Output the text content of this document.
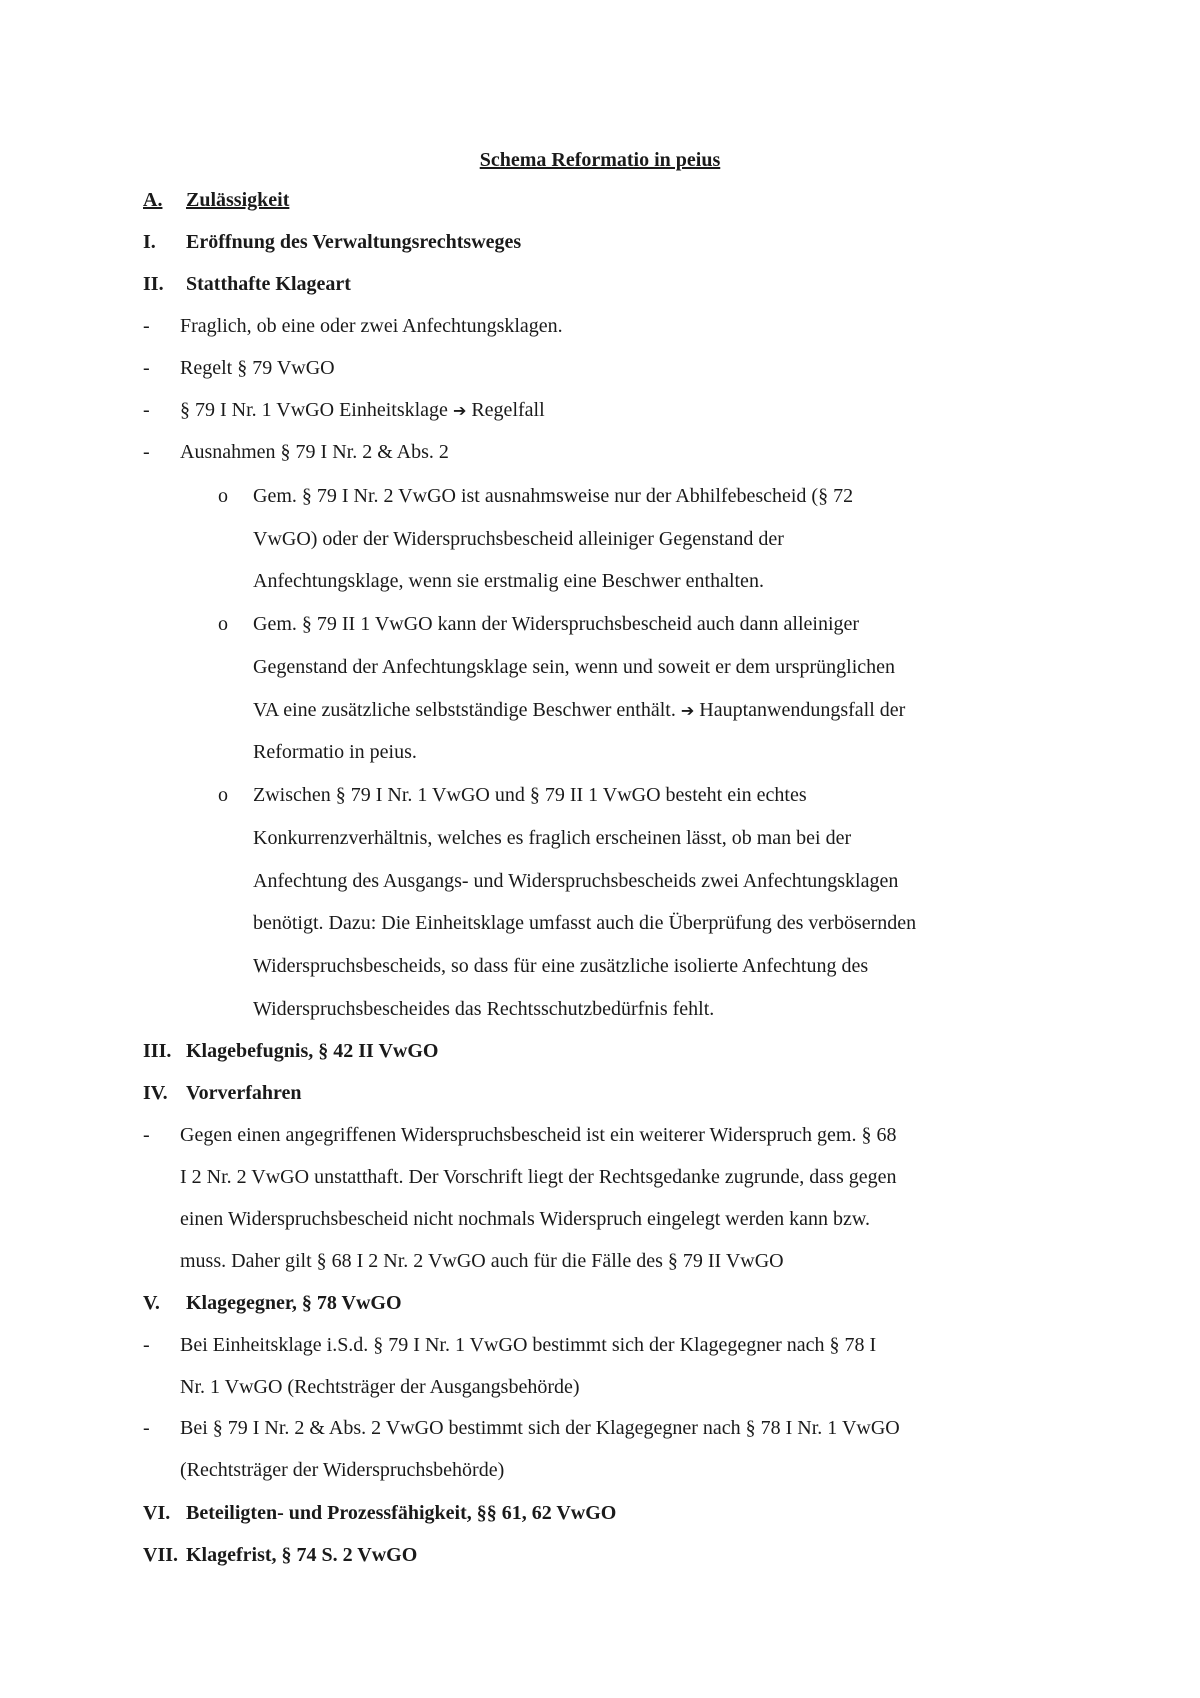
Schema Reformatio in peius
A. Zulässigkeit
I. Eröffnung des Verwaltungsrechtsweges
II. Statthafte Klageart
- Fraglich, ob eine oder zwei Anfechtungsklagen.
- Regelt § 79 VwGO
- § 79 I Nr. 1 VwGO Einheitsklage ➔ Regelfall
- Ausnahmen § 79 I Nr. 2 & Abs. 2
o Gem. § 79 I Nr. 2 VwGO ist ausnahmsweise nur der Abhilfebescheid (§ 72
VwGO) oder der Widerspruchsbescheid alleiniger Gegenstand der
Anfechtungsklage, wenn sie erstmalig eine Beschwer enthalten.
o Gem. § 79 II 1 VwGO kann der Widerspruchsbescheid auch dann alleiniger
Gegenstand der Anfechtungsklage sein, wenn und soweit er dem ursprünglichen
VA eine zusätzliche selbstständige Beschwer enthält. ➔ Hauptanwendungsfall der
Reformatio in peius.
o Zwischen § 79 I Nr. 1 VwGO und § 79 II 1 VwGO besteht ein echtes
Konkurrenzverhältnis, welches es fraglich erscheinen lässt, ob man bei der
Anfechtung des Ausgangs- und Widerspruchsbescheids zwei Anfechtungsklagen
benötigt. Dazu: Die Einheitsklage umfasst auch die Überprüfung des verbösernden
Widerspruchsbescheids, so dass für eine zusätzliche isolierte Anfechtung des
Widerspruchsbescheides das Rechtsschutzbedürfnis fehlt.
III. Klagebefugnis, § 42 II VwGO
IV. Vorverfahren
- Gegen einen angegriffenen Widerspruchsbescheid ist ein weiterer Widerspruch gem. § 68
I 2 Nr. 2 VwGO unstatthaft. Der Vorschrift liegt der Rechtsgedanke zugrunde, dass gegen
einen Widerspruchsbescheid nicht nochmals Widerspruch eingelegt werden kann bzw.
muss. Daher gilt § 68 I 2 Nr. 2 VwGO auch für die Fälle des § 79 II VwGO
V. Klagegegner, § 78 VwGO
- Bei Einheitsklage i.S.d. § 79 I Nr. 1 VwGO bestimmt sich der Klagegegner nach § 78 I
Nr. 1 VwGO (Rechtsträger der Ausgangsbehörde)
- Bei § 79 I Nr. 2 & Abs. 2 VwGO bestimmt sich der Klagegegner nach § 78 I Nr. 1 VwGO
(Rechtsträger der Widerspruchsbehörde)
VI. Beteiligten- und Prozessfähigkeit, §§ 61, 62 VwGO
VII. Klagefrist, § 74 S. 2 VwGO
